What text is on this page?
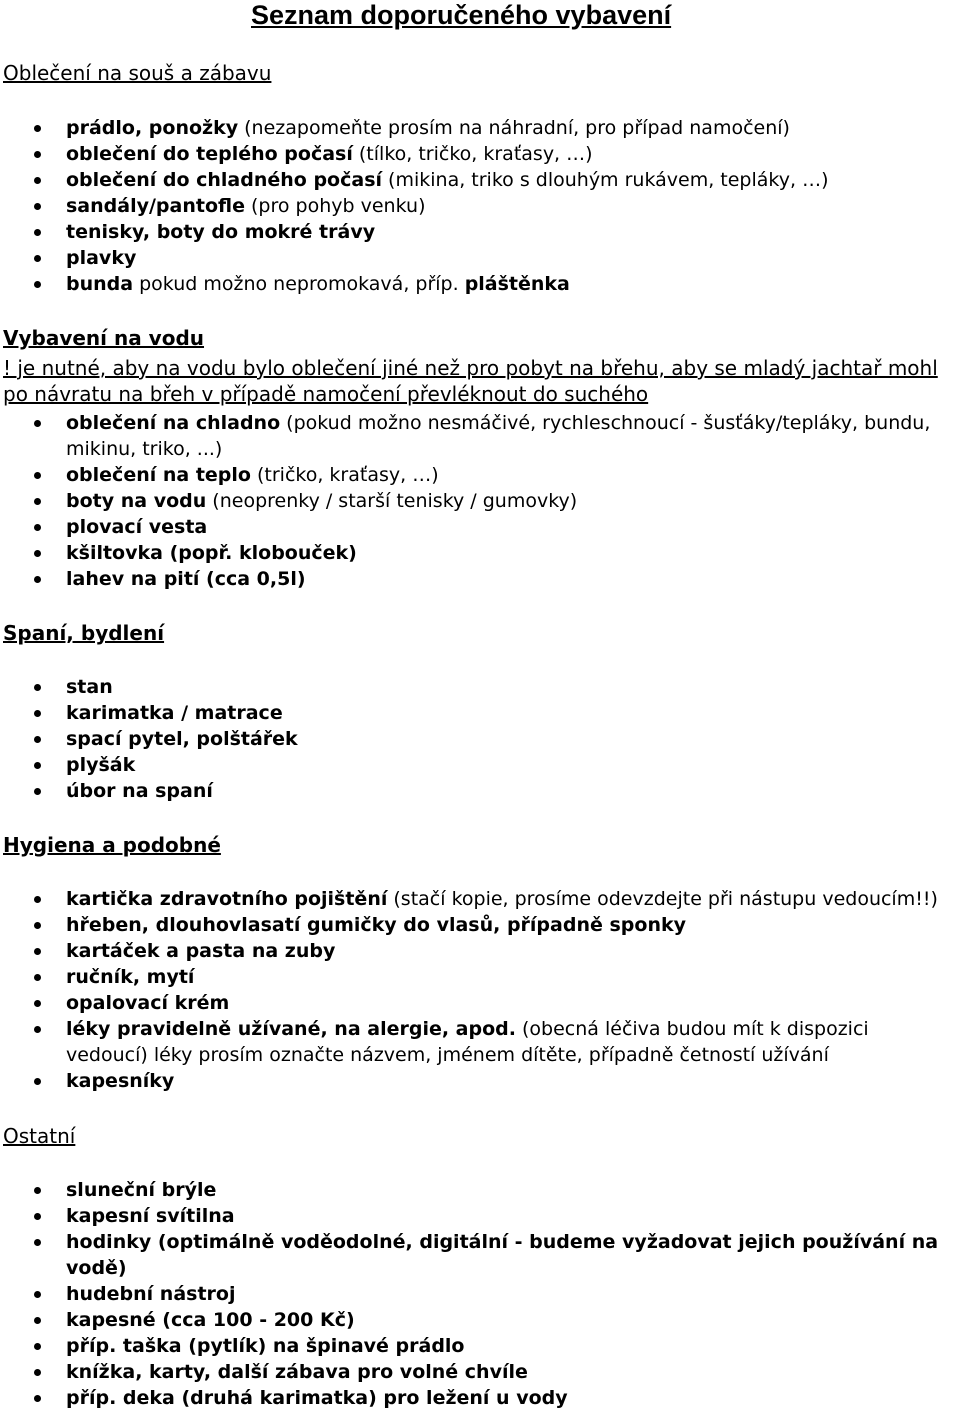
Seznam doporučeného vybavení
Oblečení na souš a zábavu
prádlo, ponožky (nezapomeňte prosím na náhradní, pro případ namočení)
oblečení do teplého počasí (tílko, tričko, kraťasy, …)
oblečení do chladného počasí (mikina, triko s dlouhým rukávem, tepláky, …)
sandály/pantofle (pro pohyb venku)
tenisky, boty do mokré trávy
plavky
bunda pokud možno nepromokavá, příp. pláštěnka
Vybavení na vodu

! je nutné, aby na vodu bylo oblečení jiné než pro pobyt na břehu, aby se mladý jachtař mohl po návratu na břeh v případě namočení převléknout do suchého

oblečení na chladno (pokud možno nesmáčivé, rychleschnoucí - šusťáky/tepláky, bundu, mikinu, triko, ...)
oblečení na teplo (tričko, kraťasy, …)
boty na vodu (neoprenky / starší tenisky / gumovky)
plovací vesta
kšiltovka (popř. klobouček)
lahev na pití (cca 0,5l)
Spaní, bydlení
stan
karimatka / matrace
spací pytel, polštářek
plyšák
úbor na spaní
Hygiena a podobné
kartička zdravotního pojištění (stačí kopie, prosíme odevzdejte při nástupu vedoucím!!)
hřeben, dlouhovlasatí gumičky do vlasů, případně sponky
kartáček a pasta na zuby
ručník, mytí
opalovací krém
léky pravidelně užívané, na alergie, apod. (obecná léčiva budou mít k dispozici vedoucí) léky prosím označte názvem, jménem dítěte, případně četností užívání
kapesníky
Ostatní
sluneční brýle
kapesní svítilna
hodinky (optimálně voděodolné, digitální - budeme vyžadovat jejich používání na vodě)
hudební nástroj
kapesné (cca 100 - 200 Kč)
příp. taška (pytlík) na špinavé prádlo
knížka, karty, další zábava pro volné chvíle
příp. deka (druhá karimatka) pro ležení u vody
